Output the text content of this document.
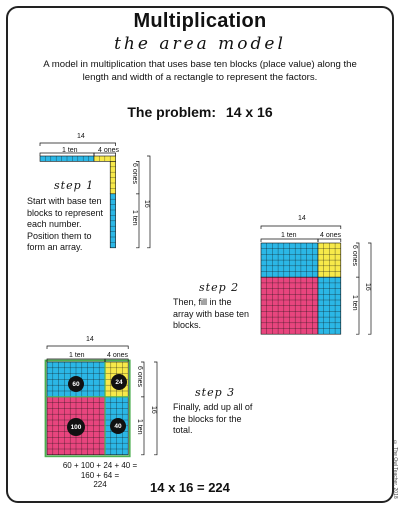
Multiplication
the area model
A model in multiplication that uses base ten blocks (place value) along the length and width of a rectangle to represent the factors.
The problem: 14 x 16
14
1 ten	4 ones
6 ones
1 ten
16
step 1
Start with base ten blocks to represent each number. Position them to form an array.
14
1 ten	4 ones
6 ones
1 ten
16
step 2
Then, fill in the array with base ten blocks.
14
1 ten	4 ones
6 ones
1 ten
16
60	24
100	40
60 + 100 + 24 + 40 =
160 + 64 =
224
step 3
Finally, add up all of the blocks for the total.
14 x 16 = 224	© The Owl Teacher, 2018
